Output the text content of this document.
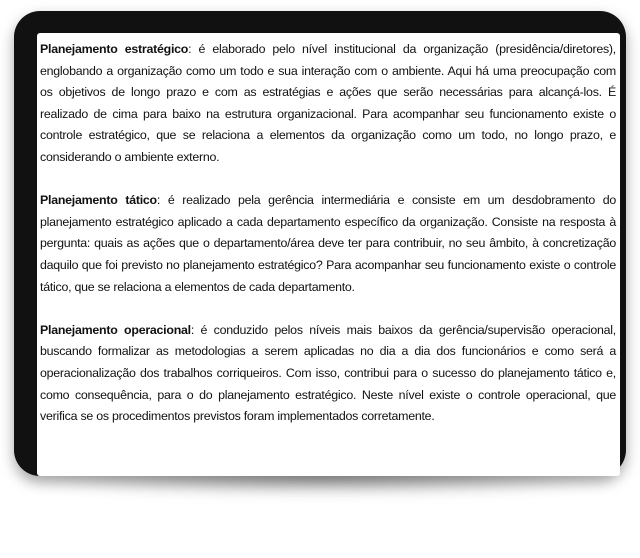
Planejamento estratégico: é elaborado pelo nível institucional da organização (presidência/diretores), englobando a organização como um todo e sua interação com o ambiente. Aqui há uma preocupação com os objetivos de longo prazo e com as estratégias e ações que serão necessárias para alcançá-los. É realizado de cima para baixo na estrutura organizacional. Para acompanhar seu funcionamento existe o controle estratégico, que se relaciona a elementos da organização como um todo, no longo prazo, e considerando o ambiente externo.

Planejamento tático: é realizado pela gerência intermediária e consiste em um desdobramento do planejamento estratégico aplicado a cada departamento específico da organização. Consiste na resposta à pergunta: quais as ações que o departamento/área deve ter para contribuir, no seu âmbito, à concretização daquilo que foi previsto no planejamento estratégico? Para acompanhar seu funcionamento existe o controle tático, que se relaciona a elementos de cada departamento.

Planejamento operacional: é conduzido pelos níveis mais baixos da gerência/supervisão operacional, buscando formalizar as metodologias a serem aplicadas no dia a dia dos funcionários e como será a operacionalização dos trabalhos corriqueiros. Com isso, contribui para o sucesso do planejamento tático e, como consequência, para o do planejamento estratégico. Neste nível existe o controle operacional, que verifica se os procedimentos previstos foram implementados corretamente.
